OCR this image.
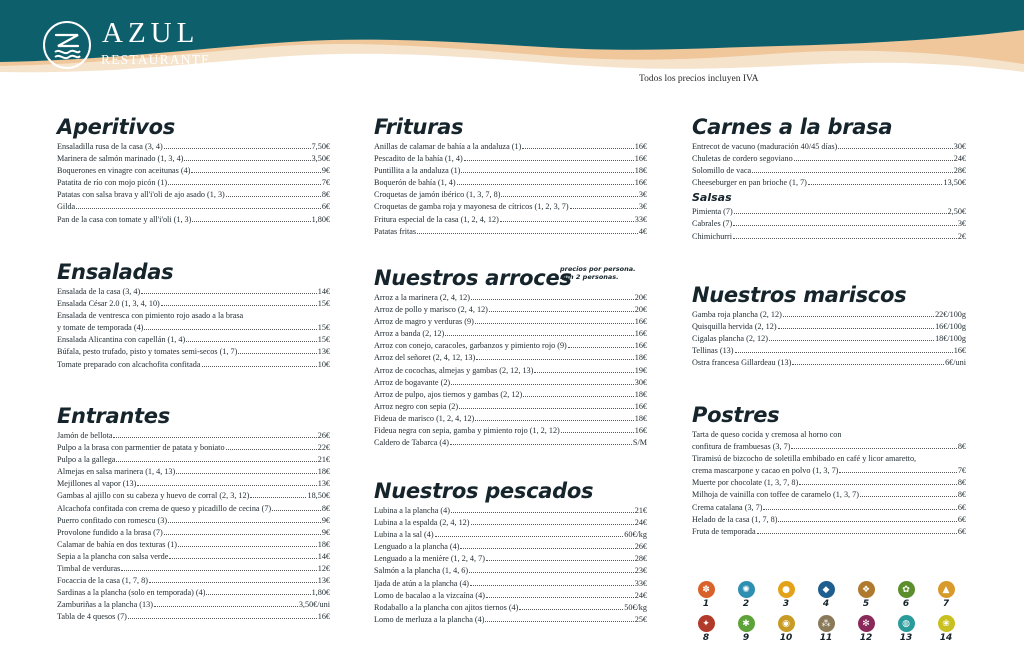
AZUL
RESTAURANTE
Todos los precios incluyen IVA
Aperitivos
Ensaladilla rusa de la casa (3, 4)	7,50€
Marinera de salmón marinado (1, 3, 4)	3,50€
Boquerones en vinagre con aceitunas (4)	9€
Patatita de río con mojo picón (1)	7€
Patatas con salsa brava y all'i'oli de ajo asado (1, 3)	8€
Gilda	6€
Pan de la casa con tomate y all'i'oli (1, 3)	1,80€
Ensaladas
Ensalada de la casa (3, 4)	14€
Ensalada César 2.0 (1, 3, 4, 10)	15€
Ensalada de ventresca con pimiento rojo asado a la brasa
y tomate de temporada (4)	15€
Ensalada Alicantina con capellán (1, 4)	15€
Búfala, pesto trufado, pisto y tomates semi-secos (1, 7)	13€
Tomate preparado con alcachofita confitada	10€
Entrantes
Jamón de bellota	26€
Pulpo a la brasa con parmentier de patata y boniato	22€
Pulpo a la gallega	21€
Almejas en salsa marinera (1, 4, 13)	18€
Mejillones al vapor (13)	13€
Gambas al ajillo con su cabeza y huevo de corral (2, 3, 12)	18,50€
Alcachofa confitada con crema de queso y picadillo de cecina (7)	8€
Puerro confitado con romescu (3)	9€
Provolone fundido a la brasa (7)	9€
Calamar de bahía en dos texturas (1)	18€
Sepia a la plancha con salsa verde	14€
Timbal de verduras	12€
Focaccia de la casa (1, 7, 8)	13€
Sardinas a la plancha (solo en temporada) (4)	1,80€
Zamburiñas a la plancha (13)	3,50€/uni
Tabla de 4 quesos (7)	16€
Frituras
Anillas de calamar de bahía a la andaluza (1)	16€
Pescadito de la bahía (1, 4)	16€
Puntillita a la andaluza (1)	18€
Boquerón de bahía (1, 4)	16€
Croquetas de jamón ibérico (1, 3, 7, 8)	3€
Croquetas de gamba roja y mayonesa de cítricos (1, 2, 3, 7)	3€
Fritura especial de la casa (1, 2, 4, 12)	33€
Patatas fritas	4€
Nuestros arroces
precios por persona.
min 2 personas.
Arroz a la marinera (2, 4, 12)	20€
Arroz de pollo y marisco (2, 4, 12)	20€
Arroz de magro y verduras (9)	16€
Arroz a banda (2, 12)	16€
Arroz con conejo, caracoles, garbanzos y pimiento rojo (9)	16€
Arroz del señoret (2, 4, 12, 13)	18€
Arroz de cocochas, almejas y gambas (2, 12, 13)	19€
Arroz de bogavante (2)	30€
Arroz de pulpo, ajos tiernos y gambas (2, 12)	18€
Arroz negro con sepia (2)	16€
Fideua de marisco (1, 2, 4, 12)	18€
Fideua negra con sepia, gamba y pimiento rojo (1, 2, 12)	16€
Caldero de Tabarca (4)	S/M
Nuestros pescados
Lubina a la plancha (4)	21€
Lubina a la espalda (2, 4, 12)	24€
Lubina a la sal (4)	60€/kg
Lenguado a la plancha (4)	26€
Lenguado a la menière (1, 2, 4, 7)	28€
Salmón a la plancha (1, 4, 6)	23€
Ijada de atún a la plancha (4)	33€
Lomo de bacalao a la vizcaína (4)	24€
Rodaballo a la plancha con ajitos tiernos (4)	50€/kg
Lomo de merluza a la plancha (4)	25€
Carnes a la brasa
Entrecot de vacuno (maduración 40/45 días)	30€
Chuletas de cordero segoviano	24€
Solomillo de vaca	28€
Cheeseburger en pan brioche (1, 7)	13,50€
Salsas
Pimienta (7)	2,50€
Cabrales (7)	3€
Chimichurri	2€
Nuestros mariscos
Gamba roja plancha (2, 12)	22€/100g
Quisquilla hervida (2, 12)	16€/100g
Cigalas plancha (2, 12)	18€/100g
Tellinas (13)	16€
Ostra francesa Gillardeau (13)	6€/uni
Postres
Tarta de queso cocida y cremosa al horno con
confitura de frambuesas (3, 7)	8€
Tiramisú de bizcocho de soletilla embibado en café y licor amaretto,
crema mascarpone y cacao en polvo (1, 3, 7)	7€
Muerte por chocolate (1, 3, 7, 8)	8€
Milhoja de vainilla con toffee de caramelo (1, 3, 7)	8€
Crema catalana (3, 7)	6€
Helado de la casa (1, 7, 8)	6€
Fruta de temporada	6€
✽
1
✺
2
●
3
◆
4
❖
5
✿
6
▲
7
✦
8
✱
9
◉
10
⁂
11
✻
12
◍
13
❀
14
